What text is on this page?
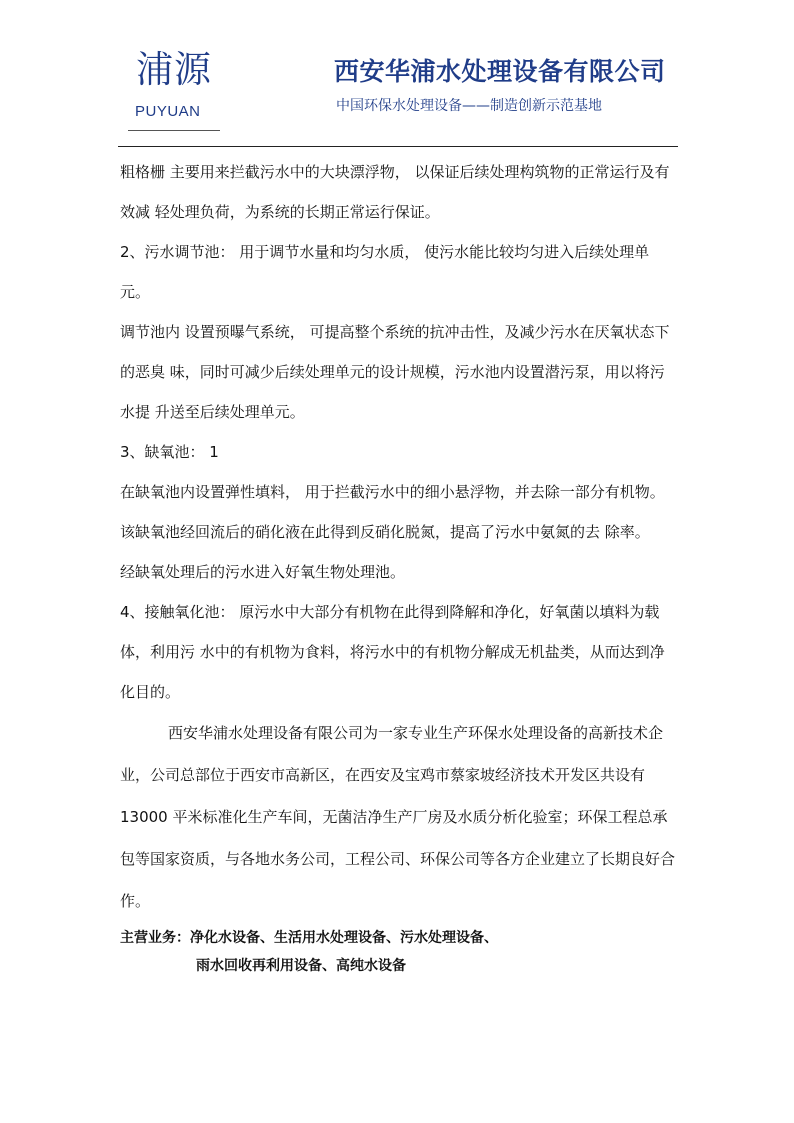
浦源
PUYUAN
西安华浦水处理设备有限公司
中国环保水处理设备——制造创新示范基地

粗格栅 主要用来拦截污水中的大块漂浮物， 以保证后续处理构筑物的正常运行及有效减 轻处理负荷，为系统的长期正常运行保证。

2、污水调节池： 用于调节水量和均匀水质， 使污水能比较均匀进入后续处理单元。

调节池内 设置预曝气系统， 可提高整个系统的抗冲击性，及减少污水在厌氧状态下的恶臭 味，同时可减少后续处理单元的设计规模，污水池内设置潜污泵，用以将污水提 升送至后续处理单元。

3、缺氧池： 1

在缺氧池内设置弹性填料， 用于拦截污水中的细小悬浮物，并去除一部分有机物。

该缺氧池经回流后的硝化液在此得到反硝化脱氮，提高了污水中氨氮的去 除率。

经缺氧处理后的污水进入好氧生物处理池。

4、接触氧化池： 原污水中大部分有机物在此得到降解和净化，好氧菌以填料为载体，利用污 水中的有机物为食料，将污水中的有机物分解成无机盐类，从而达到净化目的。

西安华浦水处理设备有限公司为一家专业生产环保水处理设备的高新技术企业，公司总部位于西安市高新区，在西安及宝鸡市蔡家坡经济技术开发区共设有 13000 平米标准化生产车间，无菌洁净生产厂房及水质分析化验室；环保工程总承包等国家资质，与各地水务公司，工程公司、环保公司等各方企业建立了长期良好合作。

主营业务：净化水设备、生活用水处理设备、污水处理设备、
雨水回收再利用设备、高纯水设备
